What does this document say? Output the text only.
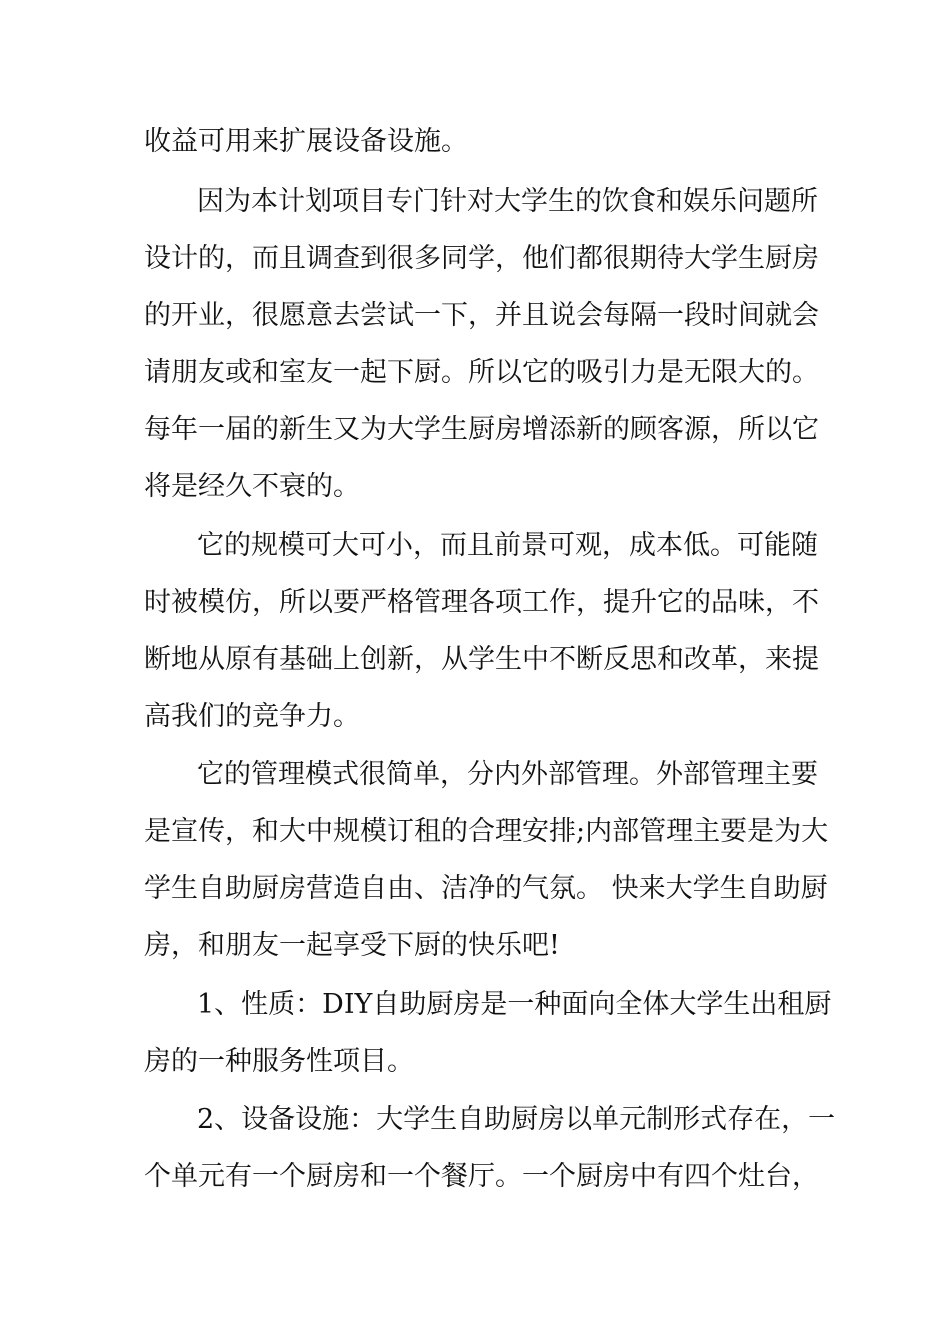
收益可用来扩展设备设施。

因为本计划项目专门针对大学生的饮食和娱乐问题所

设计的，而且调查到很多同学，他们都很期待大学生厨房

的开业，很愿意去尝试一下，并且说会每隔一段时间就会

请朋友或和室友一起下厨。所以它的吸引力是无限大的。

每年一届的新生又为大学生厨房增添新的顾客源，所以它

将是经久不衰的。

它的规模可大可小，而且前景可观，成本低。可能随

时被模仿，所以要严格管理各项工作，提升它的品味，不

断地从原有基础上创新，从学生中不断反思和改革，来提

高我们的竞争力。

它的管理模式很简单，分内外部管理。外部管理主要

是宣传，和大中规模订租的合理安排;内部管理主要是为大

学生自助厨房营造自由、洁净的气氛。 快来大学生自助厨

房，和朋友一起享受下厨的快乐吧!

1、性质：DIY自助厨房是一种面向全体大学生出租厨

房的一种服务性项目。

2、设备设施：大学生自助厨房以单元制形式存在，一

个单元有一个厨房和一个餐厅。一个厨房中有四个灶台，
